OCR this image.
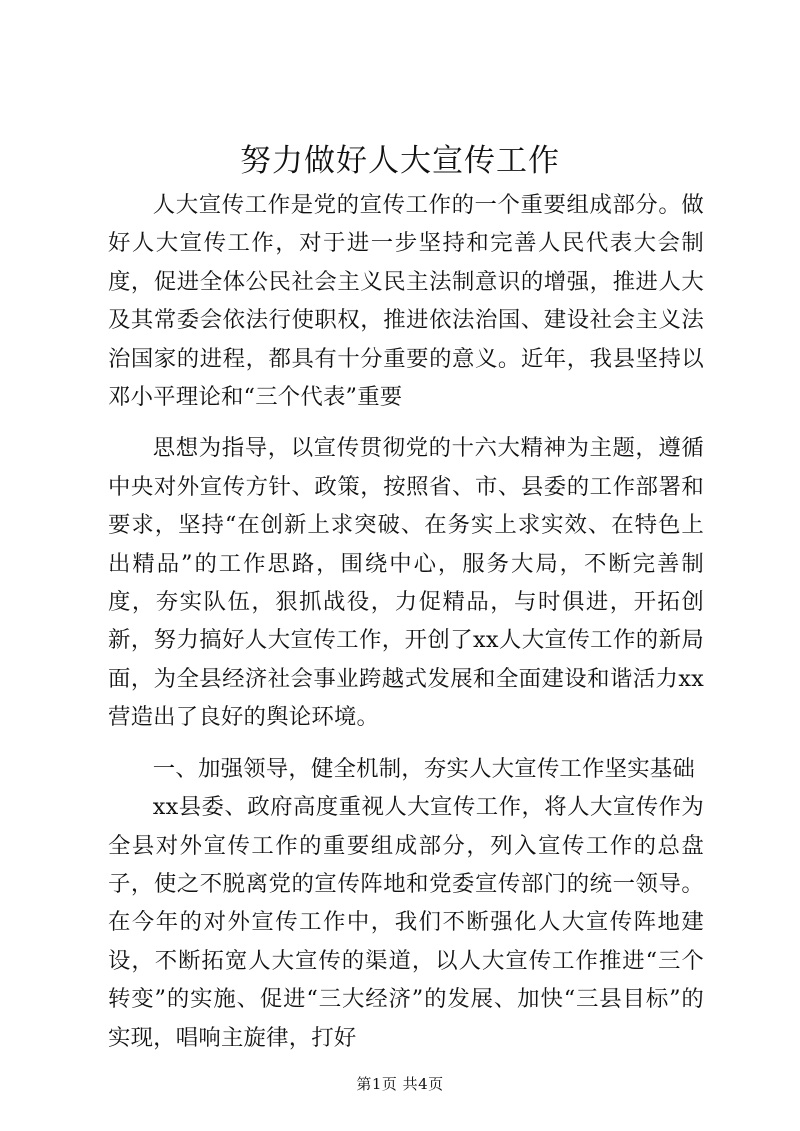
努力做好人大宣传工作

人大宣传工作是党的宣传工作的一个重要组成部分。做好人大宣传工作，对于进一步坚持和完善人民代表大会制度，促进全体公民社会主义民主法制意识的增强，推进人大及其常委会依法行使职权，推进依法治国、建设社会主义法治国家的进程，都具有十分重要的意义。近年，我县坚持以邓小平理论和“三个代表”重要

思想为指导，以宣传贯彻党的十六大精神为主题，遵循中央对外宣传方针、政策，按照省、市、县委的工作部署和要求，坚持“在创新上求突破、在务实上求实效、在特色上出精品”的工作思路，围绕中心，服务大局，不断完善制度，夯实队伍，狠抓战役，力促精品，与时俱进，开拓创新，努力搞好人大宣传工作，开创了xx人大宣传工作的新局面，为全县经济社会事业跨越式发展和全面建设和谐活力xx营造出了良好的舆论环境。

一、加强领导，健全机制，夯实人大宣传工作坚实基础

xx县委、政府高度重视人大宣传工作，将人大宣传作为全县对外宣传工作的重要组成部分，列入宣传工作的总盘子，使之不脱离党的宣传阵地和党委宣传部门的统一领导。在今年的对外宣传工作中，我们不断强化人大宣传阵地建设，不断拓宽人大宣传的渠道，以人大宣传工作推进“三个转变”的实施、促进“三大经济”的发展、加快“三县目标”的实现，唱响主旋律，打好

第1页 共4页
